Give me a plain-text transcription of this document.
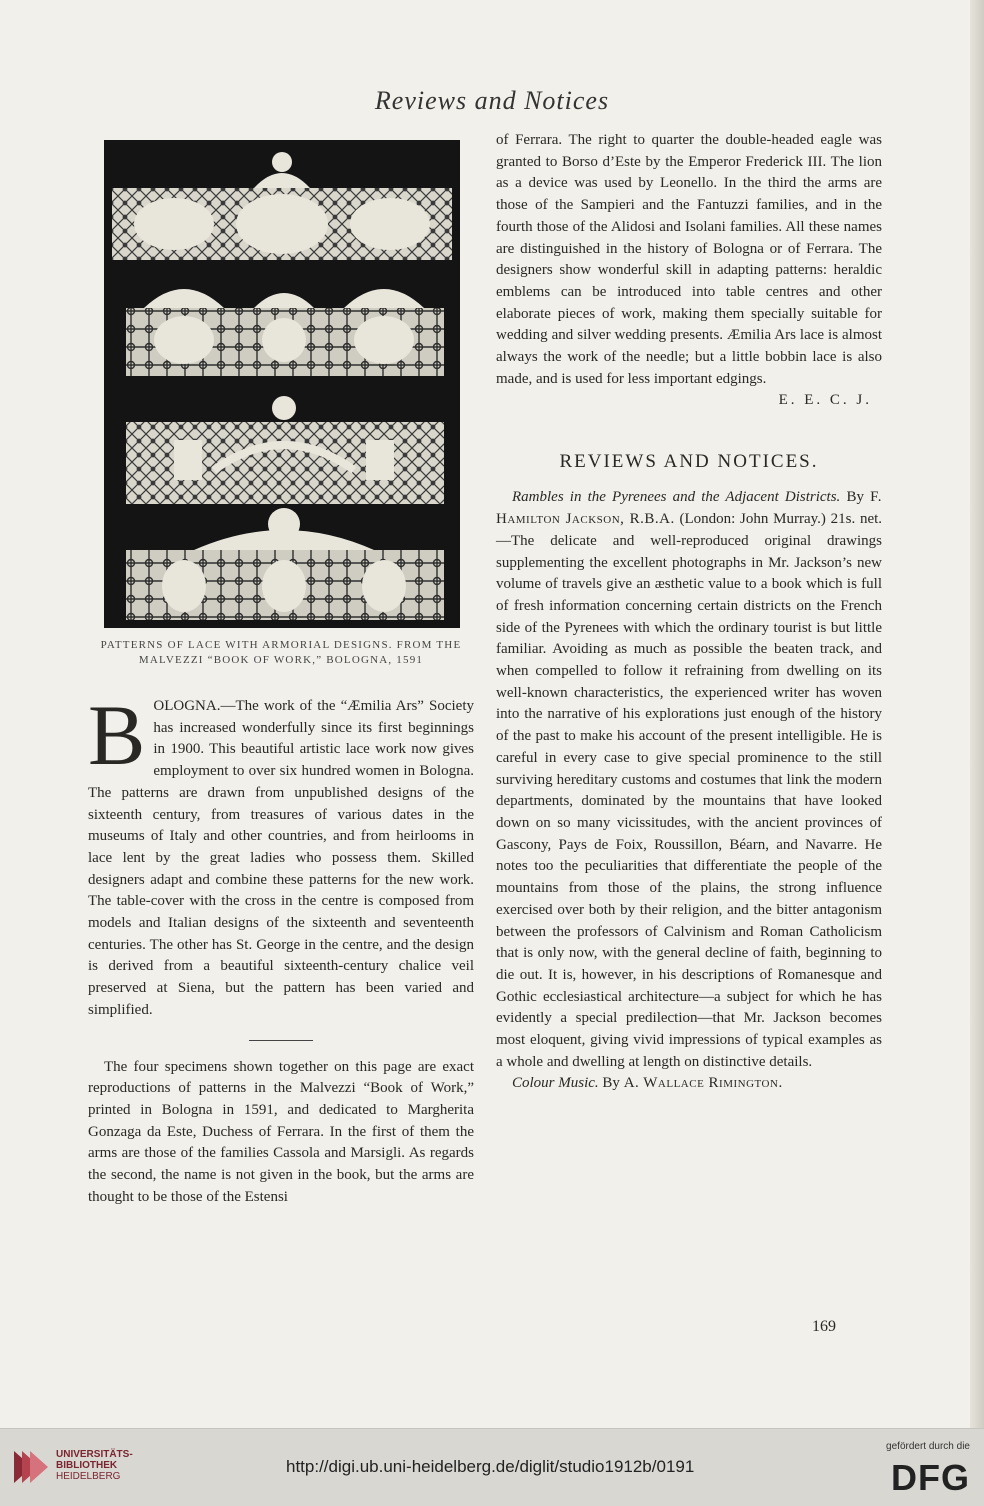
Reviews and Notices

PATTERNS OF LACE WITH ARMORIAL DESIGNS. FROM THE MALVEZZI “BOOK OF WORK,” BOLOGNA, 1591

B OLOGNA.—The work of the “Æmilia Ars” Society has increased wonderfully since its first beginnings in 1900. This beautiful artistic lace work now gives employment to over six hundred women in Bologna. The patterns are drawn from unpublished designs of the sixteenth century, from treasures of various dates in the museums of Italy and other countries, and from heirlooms in lace lent by the great ladies who possess them. Skilled designers adapt and combine these patterns for the new work. The table-cover with the cross in the centre is composed from models and Italian designs of the sixteenth and seventeenth centuries. The other has St. George in the centre, and the design is derived from a beautiful sixteenth-century chalice veil preserved at Siena, but the pattern has been varied and simplified.

The four specimens shown together on this page are exact reproductions of patterns in the Malvezzi “Book of Work,” printed in Bologna in 1591, and dedicated to Margherita Gonzaga da Este, Duchess of Ferrara. In the first of them the arms are those of the families Cassola and Marsigli. As regards the second, the name is not given in the book, but the arms are thought to be those of the Estensi

of Ferrara. The right to quarter the double-headed eagle was granted to Borso d’Este by the Emperor Frederick III. The lion as a device was used by Leonello. In the third the arms are those of the Sampieri and the Fantuzzi families, and in the fourth those of the Alidosi and Isolani families. All these names are distinguished in the history of Bologna or of Ferrara. The designers show wonderful skill in adapting patterns: heraldic emblems can be introduced into table centres and other elaborate pieces of work, making them specially suitable for wedding and silver wedding presents. Æmilia Ars lace is almost always the work of the needle; but a little bobbin lace is also made, and is used for less important edgings.

E. E. C. J.

REVIEWS AND NOTICES.

Rambles in the Pyrenees and the Adjacent Districts. By F. Hamilton Jackson, R.B.A. (London: John Murray.) 21s. net.—The delicate and well-reproduced original drawings supplementing the excellent photographs in Mr. Jackson’s new volume of travels give an æsthetic value to a book which is full of fresh information concerning certain districts on the French side of the Pyrenees with which the ordinary tourist is but little familiar. Avoiding as much as possible the beaten track, and when compelled to follow it refraining from dwelling on its well-known characteristics, the experienced writer has woven into the narrative of his explorations just enough of the history of the past to make his account of the present intelligible. He is careful in every case to give special prominence to the still surviving hereditary customs and costumes that link the modern departments, dominated by the mountains that have looked down on so many vicissitudes, with the ancient provinces of Gascony, Pays de Foix, Roussillon, Béarn, and Navarre. He notes too the peculiarities that differentiate the people of the mountains from those of the plains, the strong influence exercised over both by their religion, and the bitter antagonism between the professors of Calvinism and Roman Catholicism that is only now, with the general decline of faith, beginning to die out. It is, however, in his descriptions of Romanesque and Gothic ecclesiastical architecture—a subject for which he has evidently a special predilection—that Mr. Jackson becomes most eloquent, giving vivid impressions of typical examples as a whole and dwelling at length on distinctive details.

Colour Music. By A. Wallace Rimington.

169
UNIVERSITÄTS-
BIBLIOTHEK
HEIDELBERG
http://digi.ub.uni-heidelberg.de/diglit/studio1912b/0191
gefördert durch die
DFG
